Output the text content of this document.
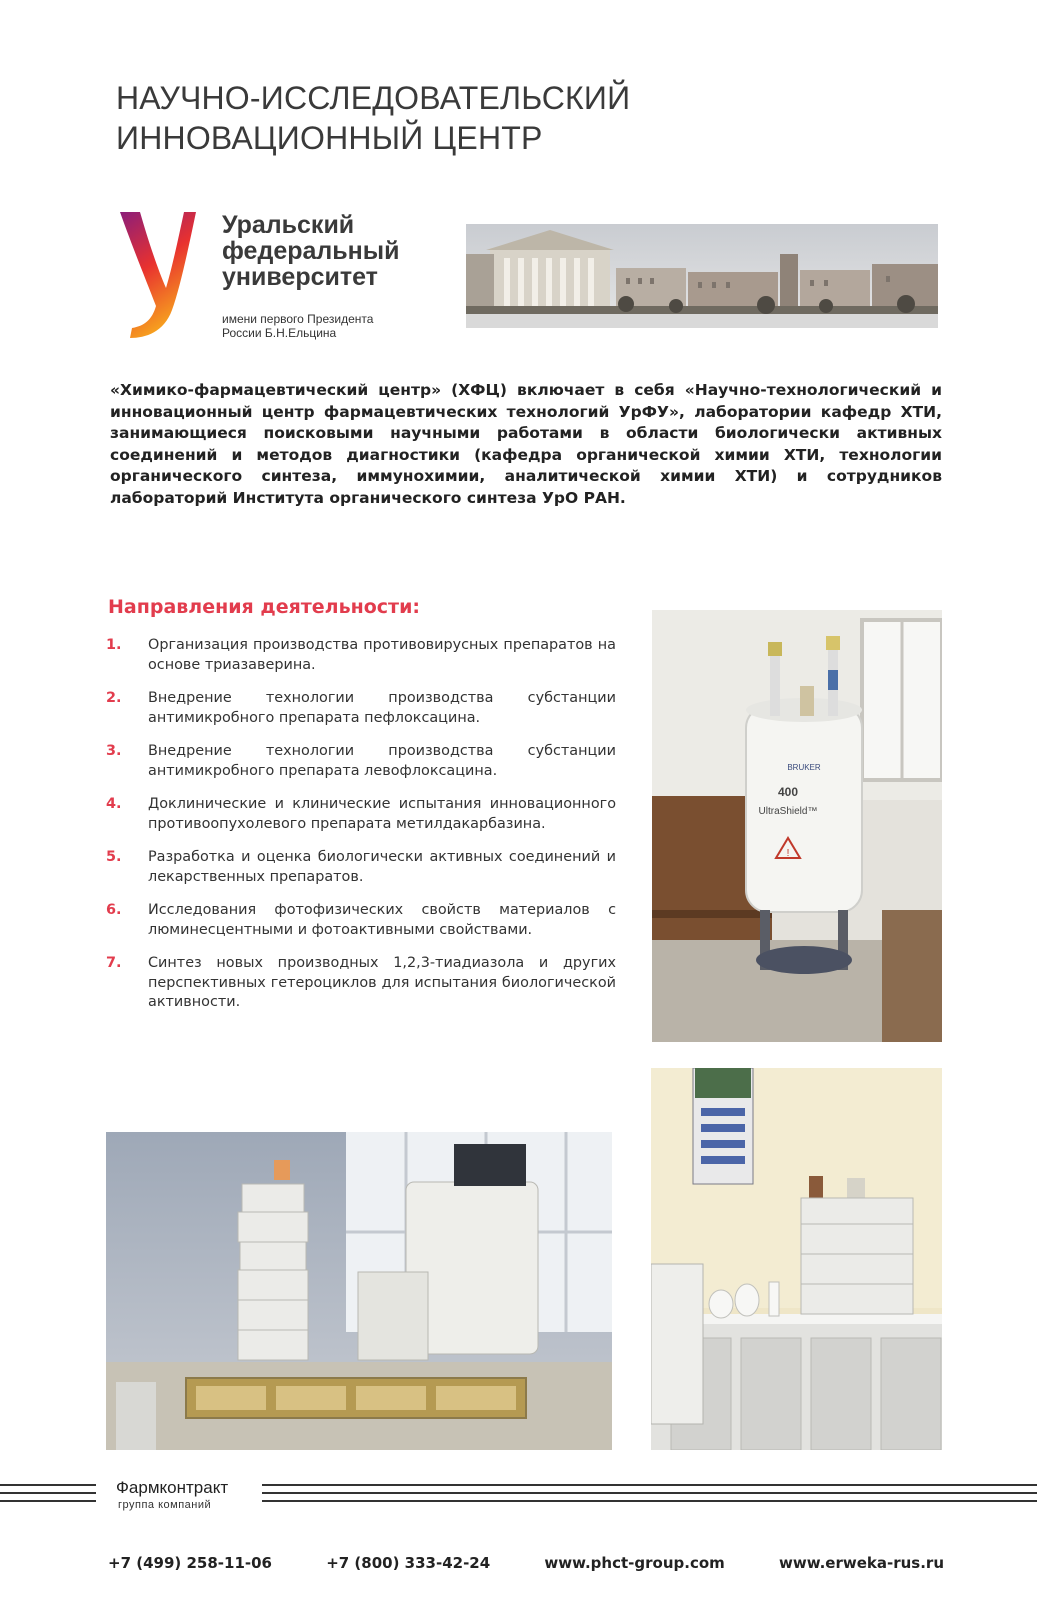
НАУЧНО-ИССЛЕДОВАТЕЛЬСКИЙ
ИННОВАЦИОННЫЙ ЦЕНТР
Уральский
федеральный
университет
имени первого Президента
России Б.Н.Ельцина
«Химико-фармацевтический центр» (ХФЦ) включает в себя «Научно-технологический и инновационный центр фармацевтических технологий УрФУ», лаборатории кафедр ХТИ, занимающиеся поисковыми научными работами в области биологически активных соединений и методов диагностики (кафедра органической химии ХТИ, технологии органического синтеза, иммунохимии, аналитической химии ХТИ) и сотрудников лабораторий Института органического синтеза УрО РАН.
Направления деятельности:
1.	Организация производства противовирусных препаратов на основе триазаверина.
2.	Внедрение технологии производства субстанции антимикробного препарата пефлоксацина.
3.	Внедрение технологии производства субстанции антимикробного препарата левофлоксацина.
4.	Доклинические и клинические испытания инновационного противоопухолевого препарата метилдакарбазина.
5.	Разработка и оценка биологически активных соединений и лекарственных препаратов.
6.	Исследования фотофизических свойств материалов с люминесцентными и фотоактивными свойствами.
7.	Синтез новых производных 1,2,3-тиадиазола и других перспективных гетероциклов для испытания биологической активности.
BRUKER
400
UltraShield™
!
Фармконтракт
группа компаний
+7 (499) 258-11-06	+7 (800) 333-42-24	www.phct-group.com	www.erweka-rus.ru
